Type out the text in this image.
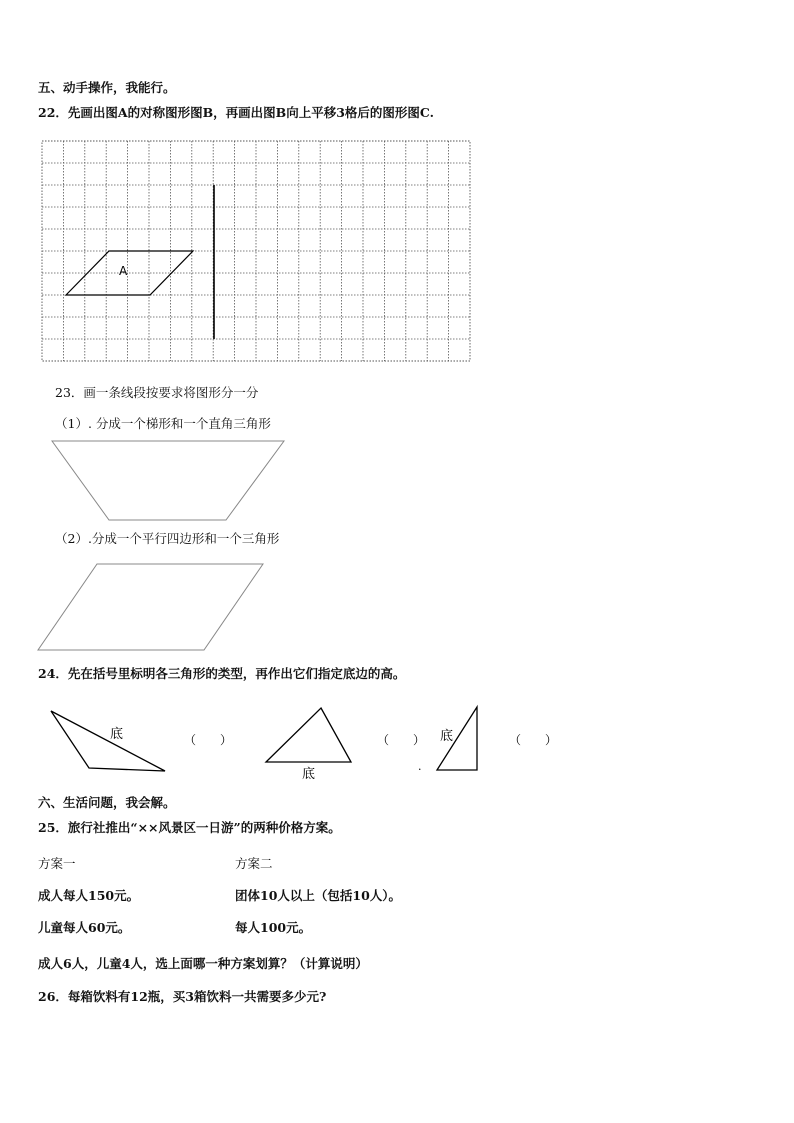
五、动手操作，我能行。
22．先画出图A的对称图形图B，再画出图B向上平移3格后的图形图C.
23．画一条线段按要求将图形分一分
（1）. 分成一个梯形和一个直角三角形
（2）.分成一个平行四边形和一个三角形
24．先在括号里标明各三角形的类型，再作出它们指定底边的高。
六、生活问题，我会解。
25．旅行社推出“××风景区一日游”的两种价格方案。
方案一	方案二
成人每人150元。	团体10人以上（包括10人）。
儿童每人60元。	每人100元。
成人6人，儿童4人，选上面哪一种方案划算？（计算说明）
26．每箱饮料有12瓶，买3箱饮料一共需要多少元?
A
底
底
底
（　　）	（　　）	（　　）
.
